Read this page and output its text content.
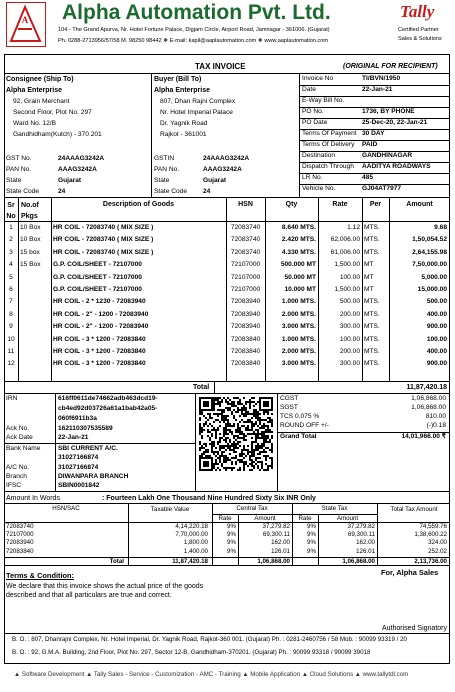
A Alpha Automation Pvt. Ltd.
104 - The Grand Apurva, Nr. Hotel Fortune Palace, Digjam Circle, Airport Road, Jamnagar - 361006. (Gujarat)
Ph. 0288-2713956/57/58 M. 98250 98442 ❖ E-mail: kapil@aaplautomation.com ❖ www.aaplautomation.com
Tally
Certified Partner
Sales & Solutions
TAX INVOICE	(ORIGINAL FOR RECIPIENT)
Consignee (Ship To)
Alpha Enterprise
92, Grain Merchant
Second Floor, Plot No. 297
Ward No. 12/B
Gandhidham(Kutch) - 370 201
GST No.	24AAAG3242A
PAN No.	AAAG3242A
State	Gujarat
State Code	24
Buyer (Bill To)
Alpha Enterprise
807, Dhan Rajni Complex
Nr. Hotel Imperial Palace
Dr. Yagnik Road
Rajkot - 361001
GSTIN	24AAAG3242A
PAN No.	AAAG3242A
State	Gujarat
State Code 24
Invoice No	TI/BVN/1950
Date	22-Jan-21
E-Way Bill No.
PO No.	1736, BY PHONE
PO Date	25-Dec-20, 22-Jan-21
Terms Of Payment 30 DAY
Terms Of Delivery PAID
Destination	GANDHINAGAR
Dispatch Through AADITYA ROADWAYS
LR No.	485
Vehicle No.	GJ04AT7977
Sr No
No.of Pkgs
Description of Goods	HSN	Qty	Rate	Per	Amount
1	10 Box	HR COIL - 72083740 ( MIX SIZE )	72083740	8.640 MTS.	1.12 MTS.	9.68
2	10 Box	HR COIL - 72083740 ( MIX SIZE )	72083740	2.420 MTS.	62,006.00 MTS.	1,50,054.52
3	15 box	HR COIL - 72083740 ( MIX SIZE )	72083740	4.330 MTS.	61,006.00 MTS.	2,64,155.98
4	15 Box	G.P. COIL/SHEET - 72107000	72107000	500.000 MT	1,500.00 MT	7,50,000.00
5	G.P. COIL/SHEET - 72107000	72107000	50.000 MT	100.00 MT	5,000.00
6	G.P. COIL/SHEET - 72107000	72107000	10.000 MT	1,500.00 MT	15,000.00
7	HR COIL - 2 * 1230 - 72083940	72083940	1.000 MTS.	500.00 MTS.	500.00
8	HR COIL - 2" - 1200 - 72083940	72083940	2.000 MTS.	200.00 MTS.	400.00
9	HR COIL - 2" - 1200 - 72083940	72083940	3.000 MTS.	300.00 MTS.	900.00
10	HR COIL - 3 * 1200 - 72083840	72083840	1.000 MTS.	100.00 MTS.	100.00
11	HR COIL - 3 * 1200 - 72083840	72083840	2.000 MTS.	200.00 MTS.	400.00
12	HR COIL - 3 * 1200 - 72083840	72083840	3.000 MTS.	300.00 MTS.	900.00
Total	11,87,420.18
IRN	616ff0611de74662adb463dcd19-
cb4ed92d03726a61a1bab42a05-
060f6911b3a
Ack No.	162110307535589
Ack Date	22-Jan-21
Bank Name	SBI CURRENT A/C.
31027166874
A/C No.	31027166874
Branch	DIWANPARA BRANCH
IFSC	SBIN0001842
CGST	1,06,868.00
SGST	1,06,868.00
TCS 0.075 %	810.00
ROUND OFF +/-	(-)0.18
Grand Total	14,01,966.00 ₹
Amount In Words	: Fourteen Lakh One Thousand Nine Hundred Sixty Six INR Only
HSN/SAC	Taxable Value	Central Tax	State Tax	Total Tax Amount
Rate	Amount	Rate	Amount
72083740	4,14,220.18	9%	37,279.82	9%	37,279.82	74,559.76
72107000	7,70,000.00	9%	69,300.11	9%	69,300.11	1,38,600.22
72083940	1,800.00	9%	162.00	9%	162.00	324.00
72083840	1,400.00	9%	126.01	9%	126.01	252.02
Total	11,87,420.18	1,06,868.00	1,06,868.00	2,13,736.00
Terms & Condition:
We declare that this invoice shows the actual price of the goods
described and that all particulars are true and correct.
For, Alpha Sales
Authorised Signatory
B. O. : 807, Dhanrajni Complex, Nr. Hotel Imperial, Dr. Yagnik Road, Rajkot-360 001. (Gujarat) Ph. : 0281-2460756 / 58 Mob. : 90099 93319 / 20
B. O. : 92, G.M.A. Building, 2nd Floor, Plot No. 297, Sector 12-B, Gandhidham-370201. (Gujarat) Ph. : 90099 93318 / 90099 39018
▲ Software Development ▲ Tally Sales - Service - Customization - AMC - Training ▲ Mobile Application ▲ Cloud Solutions ▲ www.tallytdl.com
